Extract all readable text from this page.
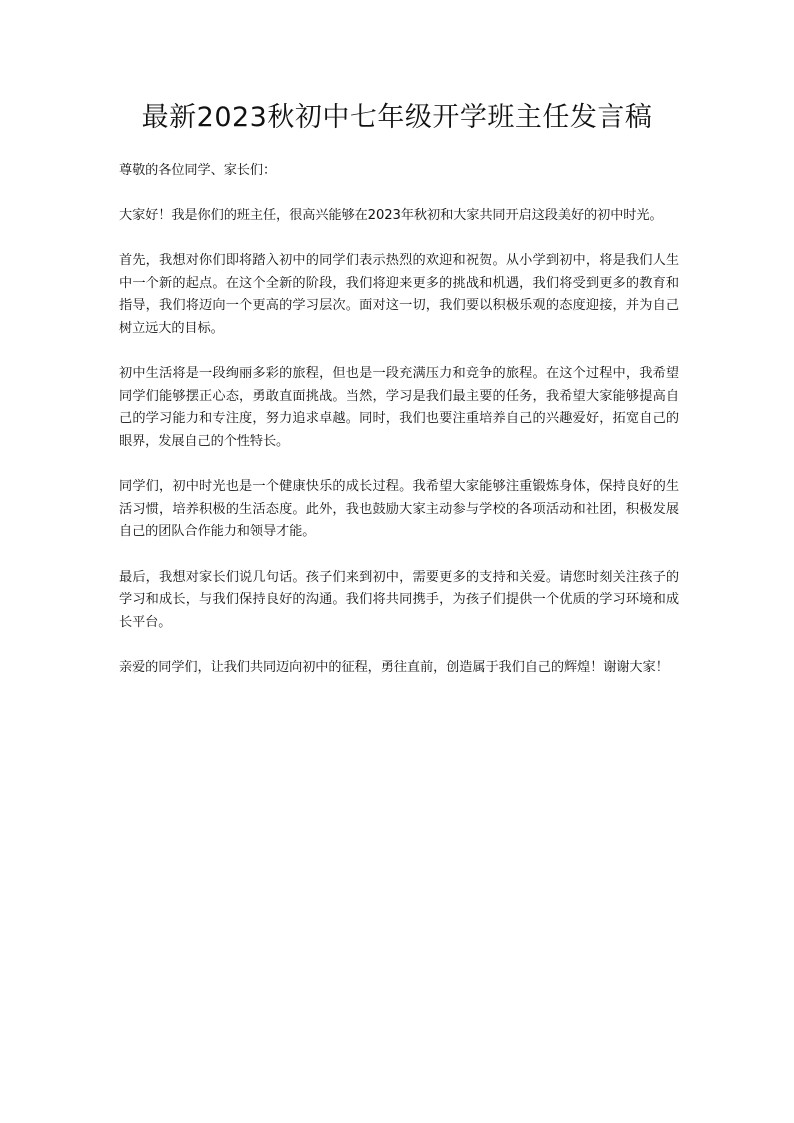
最新2023秋初中七年级开学班主任发言稿

尊敬的各位同学、家长们：

大家好！我是你们的班主任，很高兴能够在2023年秋初和大家共同开启这段美好的初中时光。

首先，我想对你们即将踏入初中的同学们表示热烈的欢迎和祝贺。从小学到初中，将是我们人生中一个新的起点。在这个全新的阶段，我们将迎来更多的挑战和机遇，我们将受到更多的教育和指导，我们将迈向一个更高的学习层次。面对这一切，我们要以积极乐观的态度迎接，并为自己树立远大的目标。

初中生活将是一段绚丽多彩的旅程，但也是一段充满压力和竞争的旅程。在这个过程中，我希望同学们能够摆正心态，勇敢直面挑战。当然，学习是我们最主要的任务，我希望大家能够提高自己的学习能力和专注度，努力追求卓越。同时，我们也要注重培养自己的兴趣爱好，拓宽自己的眼界，发展自己的个性特长。

同学们，初中时光也是一个健康快乐的成长过程。我希望大家能够注重锻炼身体，保持良好的生活习惯，培养积极的生活态度。此外，我也鼓励大家主动参与学校的各项活动和社团，积极发展自己的团队合作能力和领导才能。

最后，我想对家长们说几句话。孩子们来到初中，需要更多的支持和关爱。请您时刻关注孩子的学习和成长，与我们保持良好的沟通。我们将共同携手，为孩子们提供一个优质的学习环境和成长平台。

亲爱的同学们，让我们共同迈向初中的征程，勇往直前，创造属于我们自己的辉煌！谢谢大家！
